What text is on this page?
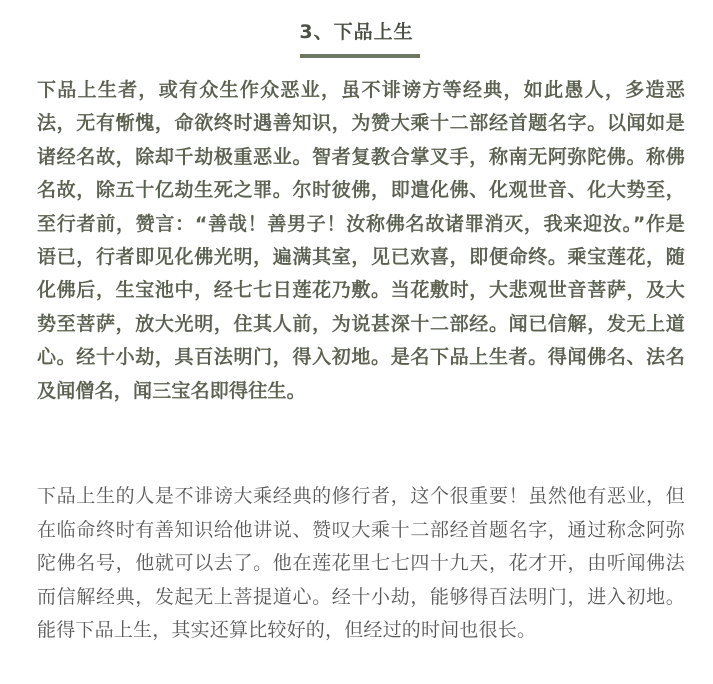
3、下品上生

下品上生者，或有众生作众恶业，虽不诽谤方等经典，如此愚人，多造恶法，无有惭愧，命欲终时遇善知识，为赞大乘十二部经首题名字。以闻如是诸经名故，除却千劫极重恶业。智者复教合掌叉手，称南无阿弥陀佛。称佛名故，除五十亿劫生死之罪。尔时彼佛，即遣化佛、化观世音、化大势至，至行者前，赞言：“善哉！善男子！汝称佛名故诸罪消灭，我来迎汝。”作是语已，行者即见化佛光明，遍满其室，见已欢喜，即便命终。乘宝莲花，随化佛后，生宝池中，经七七日莲花乃敷。当花敷时，大悲观世音菩萨，及大势至菩萨，放大光明，住其人前，为说甚深十二部经。闻已信解，发无上道心。经十小劫，具百法明门，得入初地。是名下品上生者。得闻佛名、法名及闻僧名，闻三宝名即得往生。

下品上生的人是不诽谤大乘经典的修行者，这个很重要！虽然他有恶业，但在临命终时有善知识给他讲说、赞叹大乘十二部经首题名字，通过称念阿弥陀佛名号，他就可以去了。他在莲花里七七四十九天，花才开，由听闻佛法而信解经典，发起无上菩提道心。经十小劫，能够得百法明门，进入初地。能得下品上生，其实还算比较好的，但经过的时间也很长。
